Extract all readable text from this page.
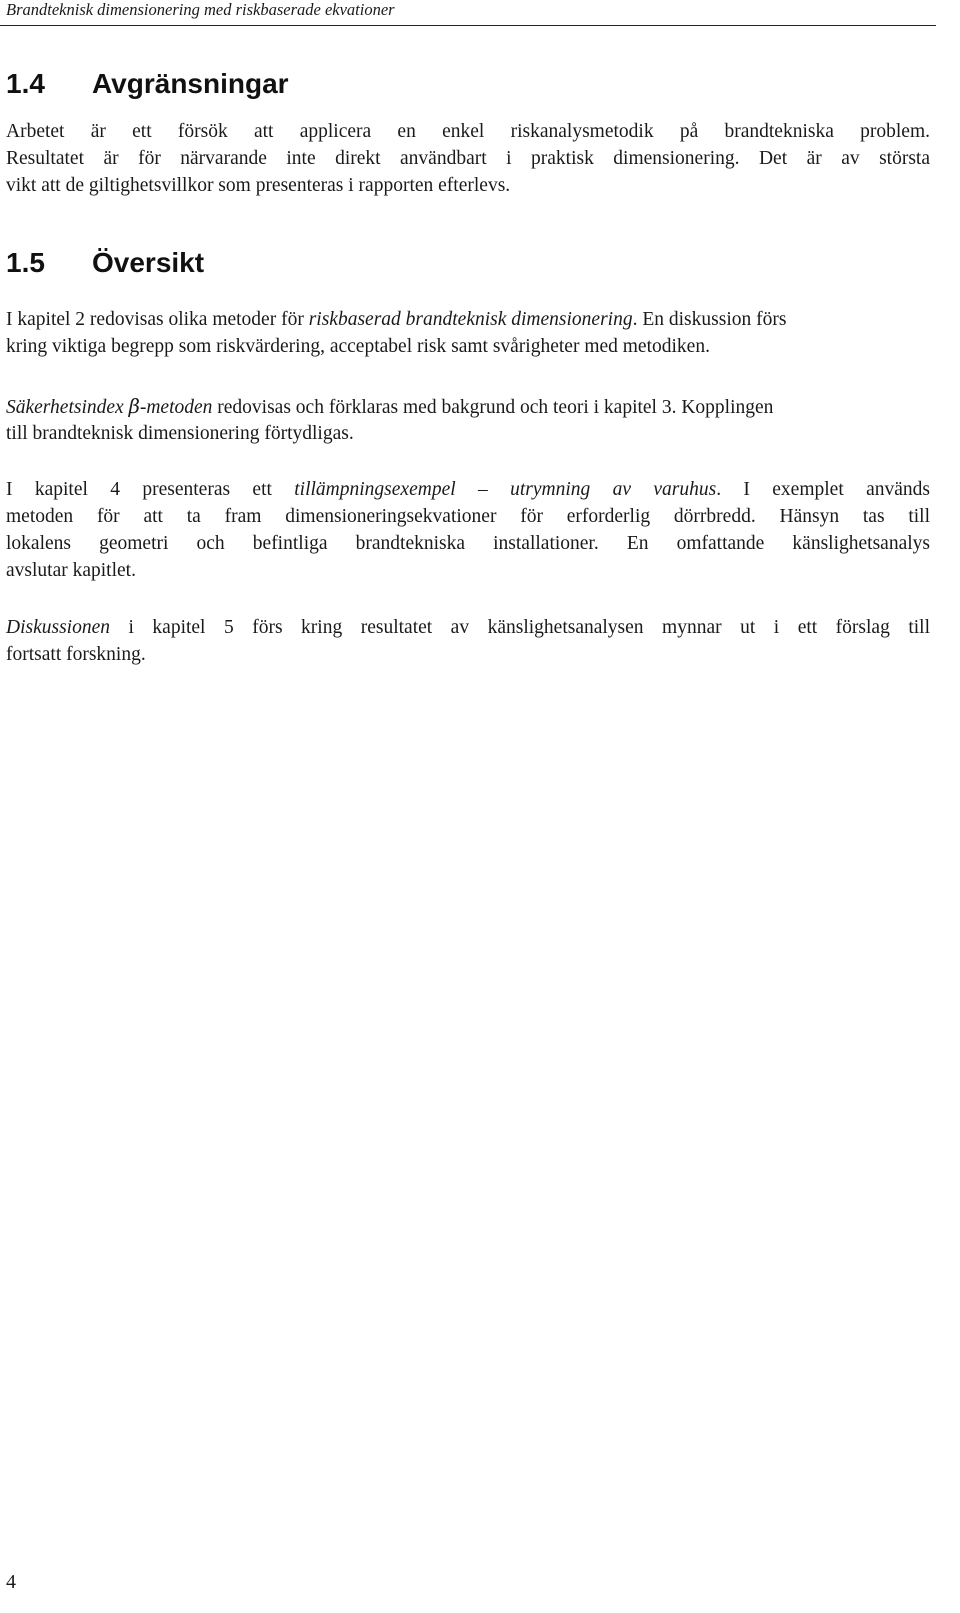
Brandteknisk dimensionering med riskbaserade ekvationer
1.4 Avgränsningar
Arbetet är ett försök att applicera en enkel riskanalysmetodik på brandtekniska problem.
Resultatet är för närvarande inte direkt användbart i praktisk dimensionering. Det är av största
vikt att de giltighetsvillkor som presenteras i rapporten efterlevs.
1.5 Översikt
I kapitel 2 redovisas olika metoder för riskbaserad brandteknisk dimensionering. En diskussion förs
kring viktiga begrepp som riskvärdering, acceptabel risk samt svårigheter med metodiken.
Säkerhetsindex β-metoden redovisas och förklaras med bakgrund och teori i kapitel 3. Kopplingen
till brandteknisk dimensionering förtydligas.
I kapitel 4 presenteras ett tillämpningsexempel – utrymning av varuhus. I exemplet används
metoden för att ta fram dimensioneringsekvationer för erforderlig dörrbredd. Hänsyn tas till
lokalens geometri och befintliga brandtekniska installationer. En omfattande känslighetsanalys
avslutar kapitlet.
Diskussionen i kapitel 5 förs kring resultatet av känslighetsanalysen mynnar ut i ett förslag till
fortsatt forskning.
4
